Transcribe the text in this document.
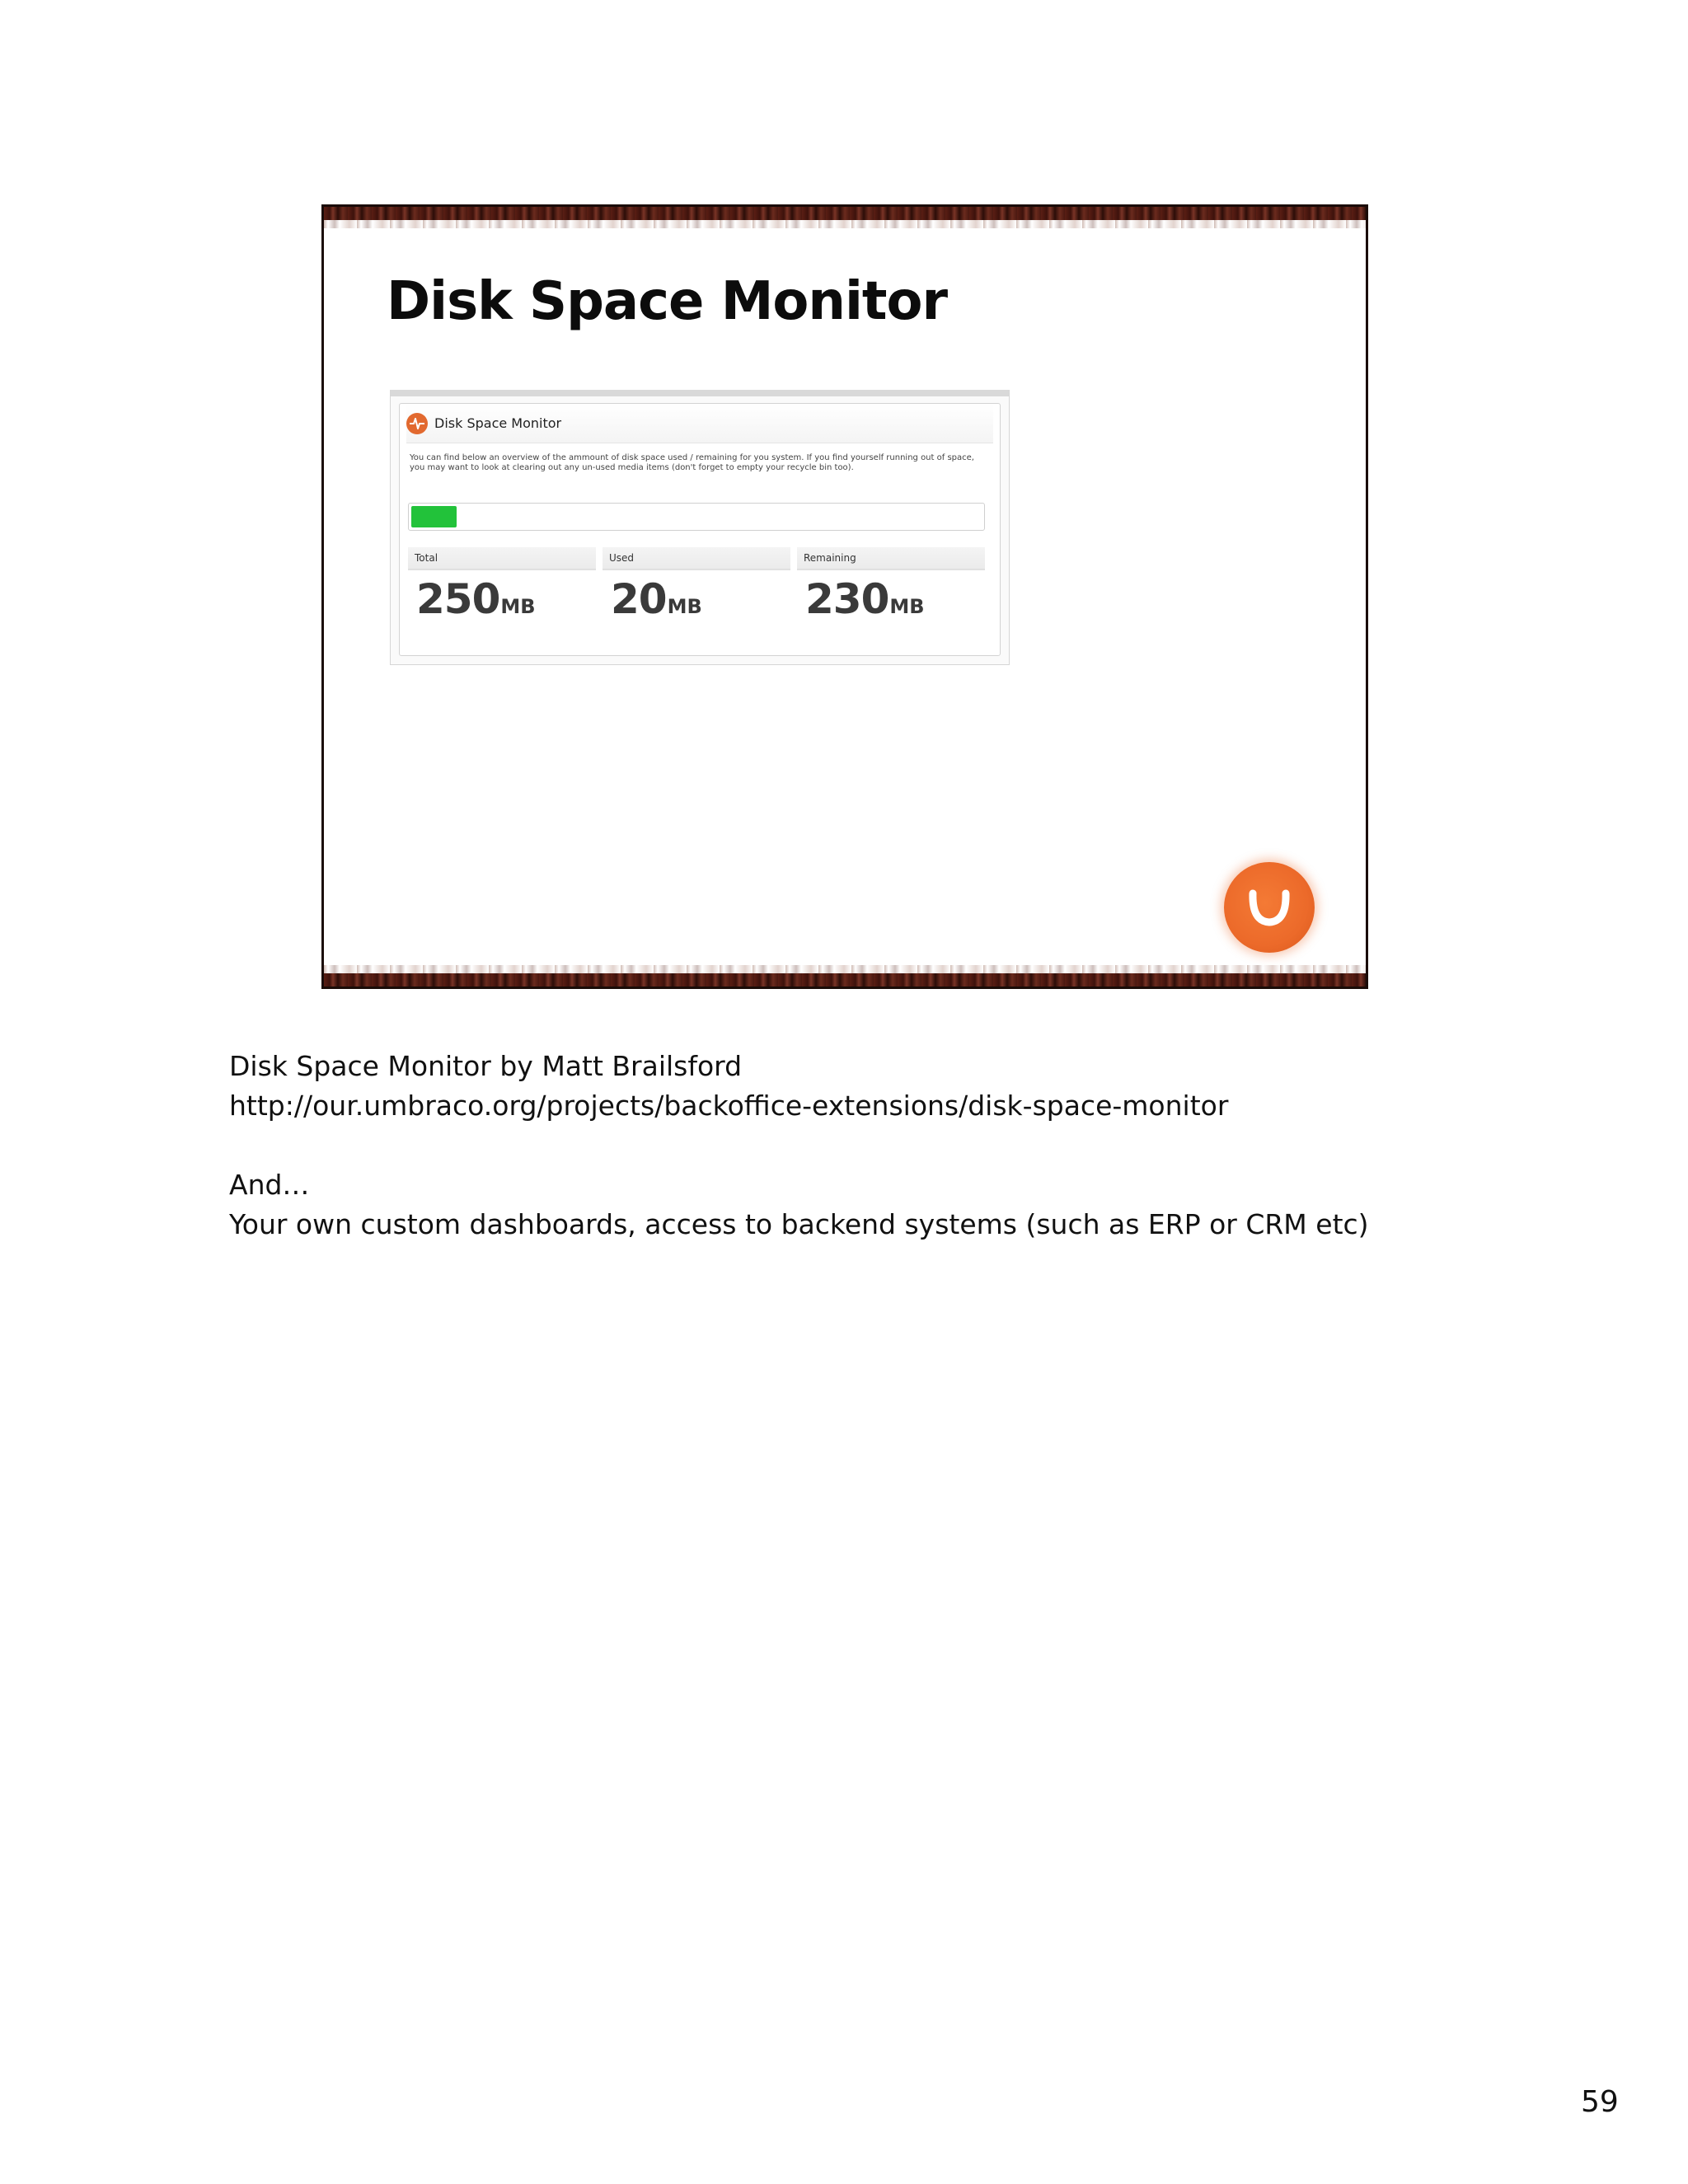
Disk Space Monitor
Disk Space Monitor
You can find below an overview of the ammount of disk space used / remaining for you system. If you find yourself running out of space, you may want to look at clearing out any un-used media items (don't forget to empty your recycle bin too).
Total
250MB
Used
20MB
Remaining
230MB

Disk Space Monitor by Matt Brailsford

http://our.umbraco.org/projects/backoffice-extensions/disk-space-monitor

And…

Your own custom dashboards, access to backend systems (such as ERP or CRM etc)

59
